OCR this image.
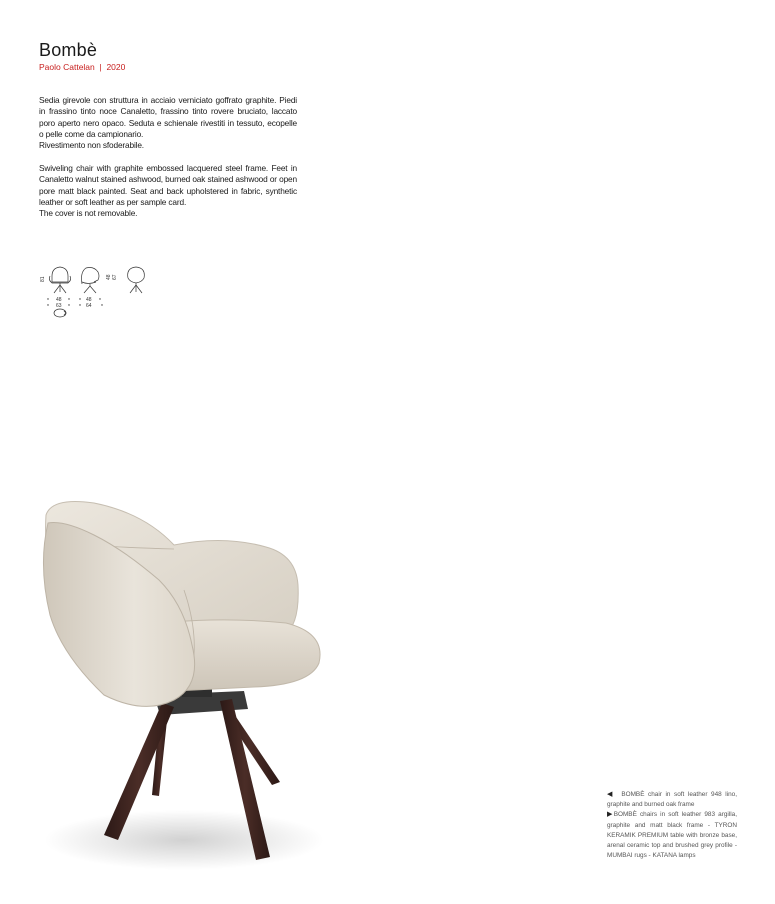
Bombè
Paolo Cattelan  |  2020

Sedia girevole con struttura in acciaio verniciato goffrato graphite. Piedi in frassino tinto noce Canaletto, frassino tinto rovere bruciato, laccato poro aperto nero opaco. Seduta e schienale rivestiti in tessuto, ecopelle o pelle come da campionario.

Rivestimento non sfoderabile.

Swiveling chair with graphite embossed lacquered steel frame. Feet in Canaletto walnut stained ashwood, burned oak stained ashwood or open pore matt black painted. Seat and back upholstered in fabric, synthetic leather or soft leather as per sample card.

The cover is not removable.

81
48
63
48 67
48
64

◀ BOMBÈ chair in soft leather 948 lino, graphite and burned oak frame

▶BOMBÈ chairs in soft leather 983 argilla, graphite and matt black frame - TYRON KERAMIK PREMIUM table with bronze base, arenal ceramic top and brushed grey profile - MUMBAI rugs - KATANA lamps
